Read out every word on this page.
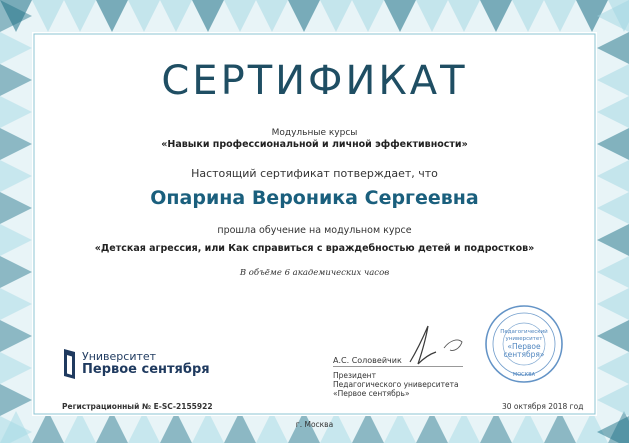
СЕРТИФИКАТ
Модульные курсы
«Навыки профессиональной и личной эффективности»
Настоящий сертификат потверждает, что
Опарина Вероника Сергеевна
прошла обучение на модульном курсе
«Детская агрессия, или Как справиться с враждебностью детей и подростков»
В объёме 6 академических часов
Университет
Первое сентября
А.С. Соловейчик
Президент
Педагогического университета
«Первое сентябрь»
Педагогический
университет
«Первое
сентября»
МОСКВА
Регистрационный № E-SC-2155922	30 октября 2018 год
г. Москва
